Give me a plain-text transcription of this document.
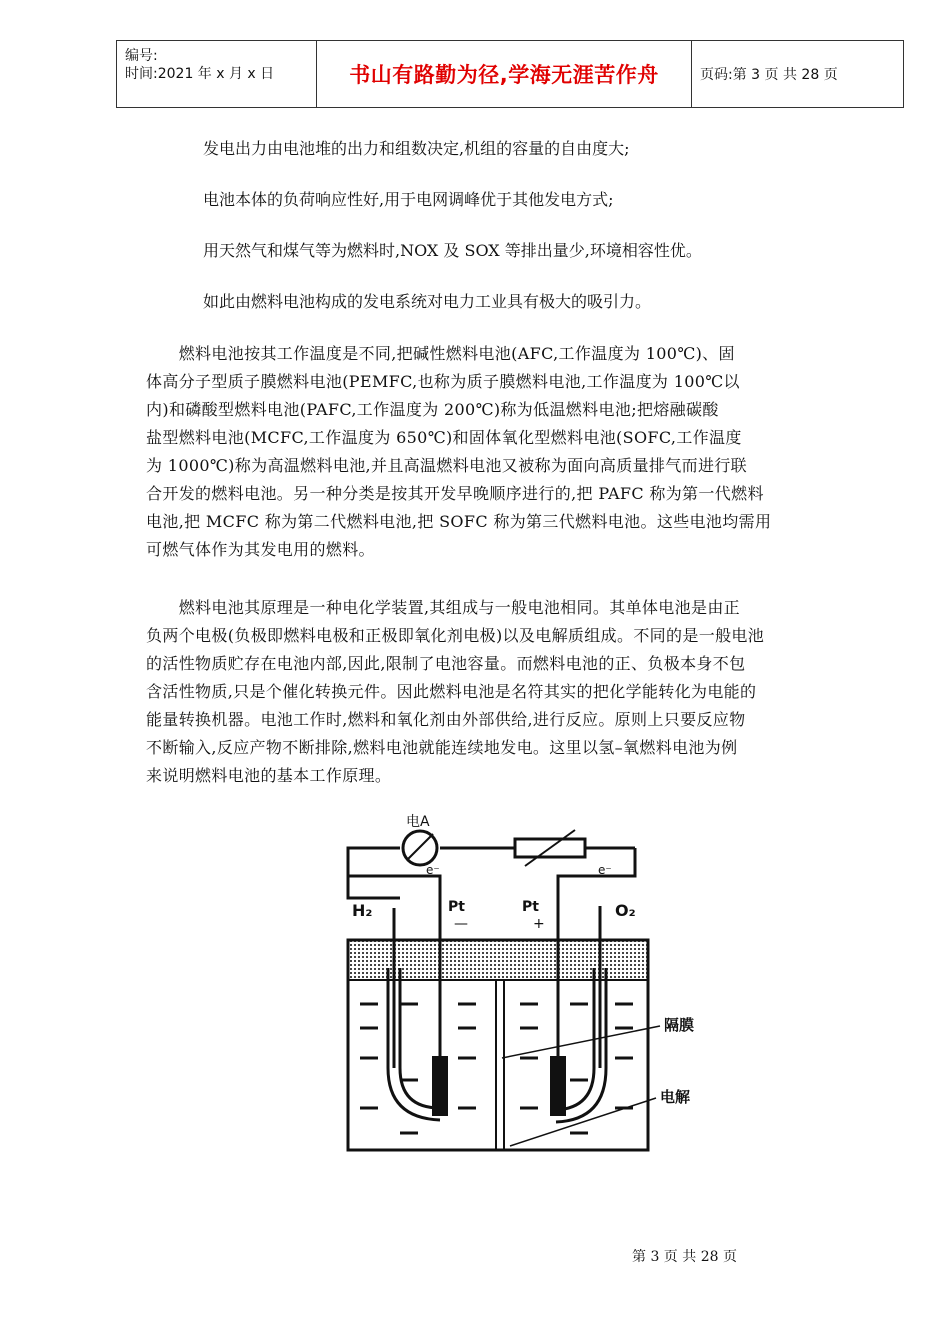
编号:
时间:2021 年 x 月 x 日	书山有路勤为径,学海无涯苦作舟	页码:第 3 页 共 28 页
发电出力由电池堆的出力和组数决定,机组的容量的自由度大;
电池本体的负荷响应性好,用于电网调峰优于其他发电方式;
用天然气和煤气等为燃料时,NOX 及 SOX 等排出量少,环境相容性优。
如此由燃料电池构成的发电系统对电力工业具有极大的吸引力。
　　燃料电池按其工作温度是不同,把碱性燃料电池(AFC,工作温度为 100℃)、固
体高分子型质子膜燃料电池(PEMFC,也称为质子膜燃料电池,工作温度为 100℃以
内)和磷酸型燃料电池(PAFC,工作温度为 200℃)称为低温燃料电池;把熔融碳酸
盐型燃料电池(MCFC,工作温度为 650℃)和固体氧化型燃料电池(SOFC,工作温度
为 1000℃)称为高温燃料电池,并且高温燃料电池又被称为面向高质量排气而进行联
合开发的燃料电池。另一种分类是按其开发早晚顺序进行的,把 PAFC 称为第一代燃料
电池,把 MCFC 称为第二代燃料电池,把 SOFC 称为第三代燃料电池。这些电池均需用
可燃气体作为其发电用的燃料。
　　燃料电池其原理是一种电化学装置,其组成与一般电池相同。其单体电池是由正
负两个电极(负极即燃料电极和正极即氧化剂电极)以及电解质组成。不同的是一般电池
的活性物质贮存在电池内部,因此,限制了电池容量。而燃料电池的正、负极本身不包
含活性物质,只是个催化转换元件。因此燃料电池是名符其实的把化学能转化为电能的
能量转换机器。电池工作时,燃料和氧化剂由外部供给,进行反应。原则上只要反应物
不断输入,反应产物不断排除,燃料电池就能连续地发电。这里以氢–氧燃料电池为例
来说明燃料电池的基本工作原理。
电A
e⁻	e⁻
H₂	Pt
—
Pt
+
O₂
隔膜
电解
第 3 页 共 28 页
